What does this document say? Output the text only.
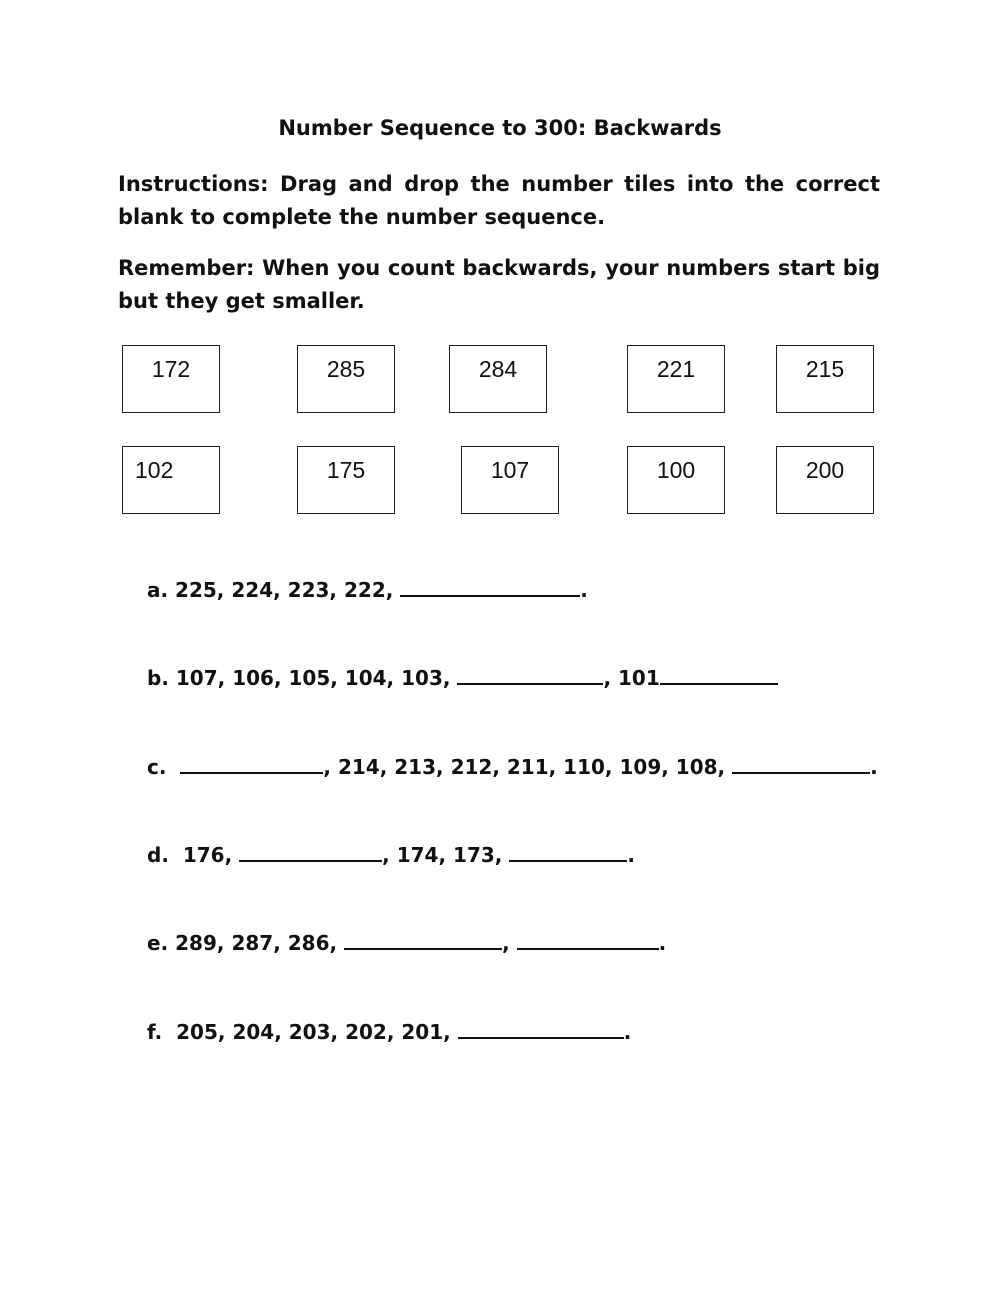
Number Sequence to 300: Backwards
Instructions: Drag and drop the number tiles into the correct blank to complete the number sequence.
Remember: When you count backwards, your numbers start big but they get smaller.
172	285	284	221	215
102	175	107	100	200
a. 225, 224, 223, 222,	.
b. 107, 106, 105, 104, 103,	, 101
c.	, 214, 213, 212, 211, 110, 109, 108,	.
d.  176,	, 174, 173,	.
e. 289, 287, 286,	,	.
f.  205, 204, 203, 202, 201,	.
